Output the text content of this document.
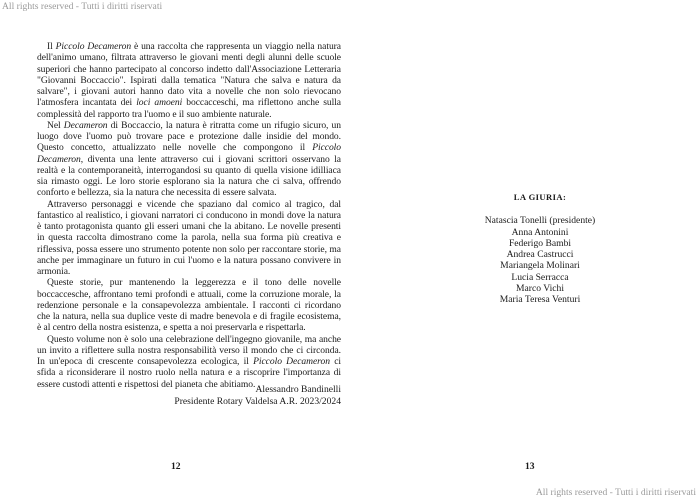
All rights reserved - Tutti i diritti riservati

Il Piccolo Decameron è una raccolta che rappresenta un viaggio nella natura dell'animo umano, filtrata attraverso le giovani menti degli alunni delle scuole superiori che hanno partecipato al concorso indetto dall'Associazione Letteraria "Giovanni Boccaccio". Ispirati dalla tematica "Natura che salva e natura da salvare", i giovani autori hanno dato vita a novelle che non solo rievocano l'atmosfera incantata dei loci amoeni boccacceschi, ma riflettono anche sulla complessità del rapporto tra l'uomo e il suo ambiente naturale.

Nel Decameron di Boccaccio, la natura è ritratta come un rifugio sicuro, un luogo dove l'uomo può trovare pace e protezione dalle insidie del mondo. Questo concetto, attualizzato nelle novelle che compongono il Piccolo Decameron, diventa una lente attraverso cui i giovani scrittori osservano la realtà e la contemporaneità, interrogandosi su quanto di quella visione idilliaca sia rimasto oggi. Le loro storie esplorano sia la natura che ci salva, offrendo conforto e bellezza, sia la natura che necessita di essere salvata.

Attraverso personaggi e vicende che spaziano dal comico al tragico, dal fantastico al realistico, i giovani narratori ci conducono in mondi dove la natura è tanto protagonista quanto gli esseri umani che la abitano. Le novelle presenti in questa raccolta dimostrano come la parola, nella sua forma più creativa e riflessiva, possa essere uno strumento potente non solo per raccontare storie, ma anche per immaginare un futuro in cui l'uomo e la natura possano convivere in armonia.

Queste storie, pur mantenendo la leggerezza e il tono delle novelle boccaccesche, affrontano temi profondi e attuali, come la corruzione morale, la redenzione personale e la consapevolezza ambientale. I racconti ci ricordano che la natura, nella sua duplice veste di madre benevola e di fragile ecosistema, è al centro della nostra esistenza, e spetta a noi preservarla e rispettarla.

Questo volume non è solo una celebrazione dell'ingegno giovanile, ma anche un invito a riflettere sulla nostra responsabilità verso il mondo che ci circonda. In un'epoca di crescente consapevolezza ecologica, il Piccolo Decameron ci sfida a riconsiderare il nostro ruolo nella natura e a riscoprire l'importanza di essere custodi attenti e rispettosi del pianeta che abitiamo. Alessandro Bandinelli
Presidente Rotary Valdelsa A.R. 2023/2024
12
LA GIURIA:
Natascia Tonelli (presidente)
Anna Antonini
Federigo Bambi
Andrea Castrucci
Mariangela Molinari
Lucia Serracca
Marco Vichi
Maria Teresa Venturi
13
All rights reserved - Tutti i diritti riservati
